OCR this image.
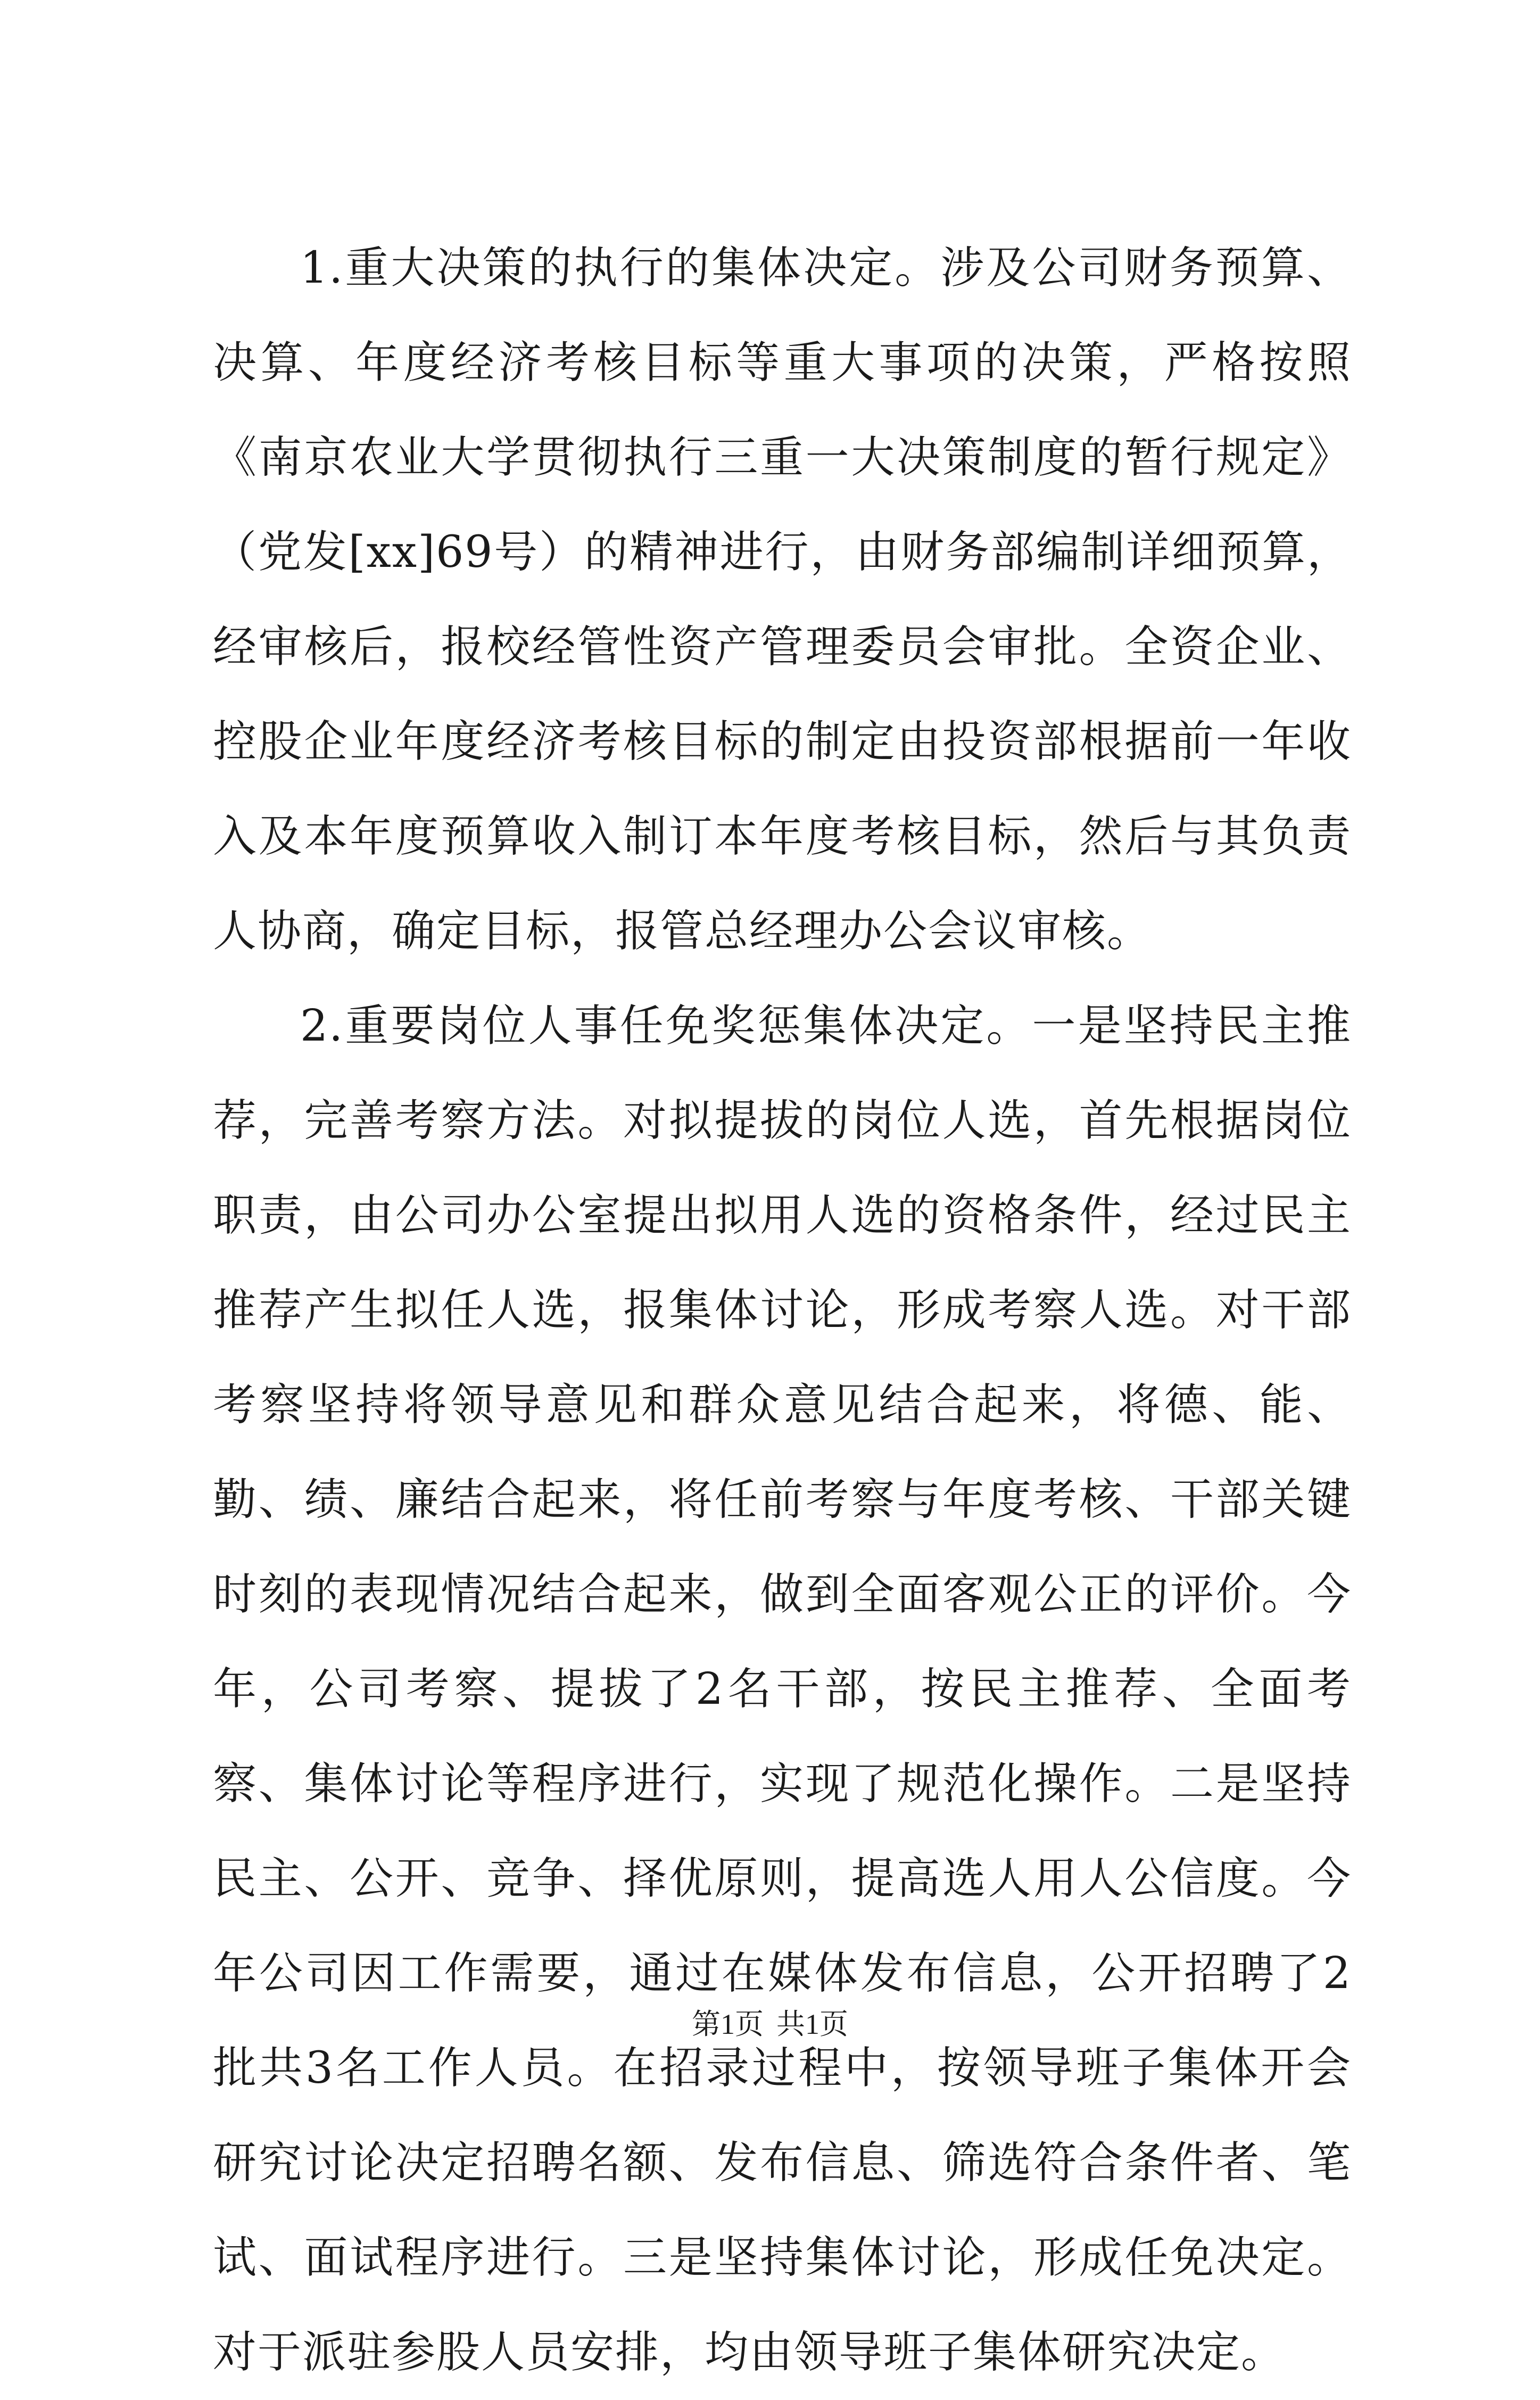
1.重大决策的执行的集体决定。涉及公司财务预算、决算、年度经济考核目标等重大事项的决策，严格按照《南京农业大学贯彻执行三重一大决策制度的暂行规定》（党发[xx]69号）的精神进行，由财务部编制详细预算，经审核后，报校经管性资产管理委员会审批。全资企业、控股企业年度经济考核目标的制定由投资部根据前一年收入及本年度预算收入制订本年度考核目标，然后与其负责人协商，确定目标，报管总经理办公会议审核。

2.重要岗位人事任免奖惩集体决定。一是坚持民主推荐，完善考察方法。对拟提拔的岗位人选，首先根据岗位职责，由公司办公室提出拟用人选的资格条件，经过民主推荐产生拟任人选，报集体讨论，形成考察人选。对干部考察坚持将领导意见和群众意见结合起来，将德、能、勤、绩、廉结合起来，将任前考察与年度考核、干部关键时刻的表现情况结合起来，做到全面客观公正的评价。今年，公司考察、提拔了2名干部，按民主推荐、全面考察、集体讨论等程序进行，实现了规范化操作。二是坚持民主、公开、竞争、择优原则，提高选人用人公信度。今年公司因工作需要，通过在媒体发布信息，公开招聘了2批共3名工作人员。在招录过程中，按领导班子集体开会研究讨论决定招聘名额、发布信息、筛选符合条件者、笔试、面试程序进行。三是坚持集体讨论，形成任免决定。对于派驻参股人员安排，均由领导班子集体研究决定。

第1页 共1页
